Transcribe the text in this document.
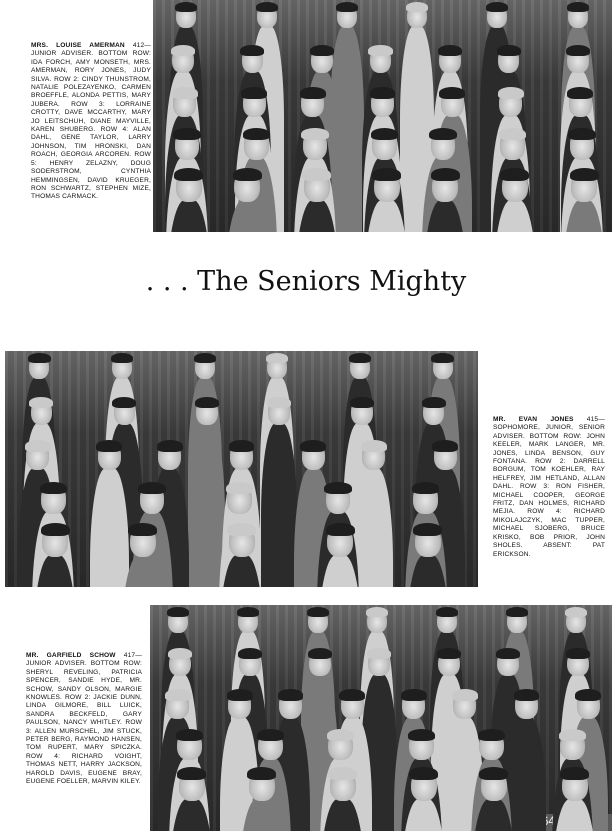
MRS. LOUISE AMERMAN 412—JUNIOR ADVISER. BOTTOM ROW: IDA FORCH, AMY MONSETH, MRS. AMERMAN, RORY JONES, JUDY SILVA. ROW 2: CINDY THUNSTROM, NATALIE POLEZAYENKO, CARMEN BROEFFLE, ALONDA PETTIS, MARY JUBERA. ROW 3: LORRAINE CROTTY, DAVE MCCARTHY, MARY JO LEITSCHUH, DIANE MAYVILLE, KAREN SHUBERG. ROW 4: ALAN DAHL, GENE TAYLOR, LARRY JOHNSON, TIM HRONSKI, DAN ROACH, GEORGIA ARCOREN. ROW 5: HENRY ZELAZNY, DOUG SODERSTROM, CYNTHIA HEMMINGSEN, DAVID KRUEGER, RON SCHWARTZ, STEPHEN MIZE, THOMAS CARMACK.
. . . The Seniors Mighty
MR. EVAN JONES 415—SOPHOMORE, JUNIOR, SENIOR ADVISER. BOTTOM ROW: JOHN KEELER, MARK LANGER, MR. JONES, LINDA BENSON, GUY FONTANA. ROW 2: DARRELL BORGUM, TOM KOEHLER, RAY HELFREY, JIM HETLAND, ALLAN DAHL. ROW 3: RON FISHER, MICHAEL COOPER, GEORGE FRITZ, DAN HOLMES, RICHARD MEJIA. ROW 4: RICHARD MIKOLAJCZYK, MAC TUPPER, MICHAEL SJOBERG, BRUCE KRISKO, BOB PRIOR, JOHN SHOLES. ABSENT: PAT ERICKSON.
MR. GARFIELD SCHOW 417—JUNIOR ADVISER. BOTTOM ROW: SHERYL REVELING, PATRICIA SPENCER, SANDIE HYDE, MR. SCHOW, SANDY OLSON, MARGIE KNOWLES. ROW 2: JACKIE DUNN, LINDA GILMORE, BILL LUICK, SANDRA BECKFELD, GARY PAULSON, NANCY WHITLEY. ROW 3: ALLEN MURSCHEL, JIM STUCK, PETER BERG, RAYMOND HANSEN, TOM RUPERT, MARY SPICZKA. ROW 4: RICHARD VOIGHT, THOMAS NETT, HARRY JACKSON, HAROLD DAVIS, EUGENE BRAY, EUGENE FOELLER, MARVIN KILEY.
